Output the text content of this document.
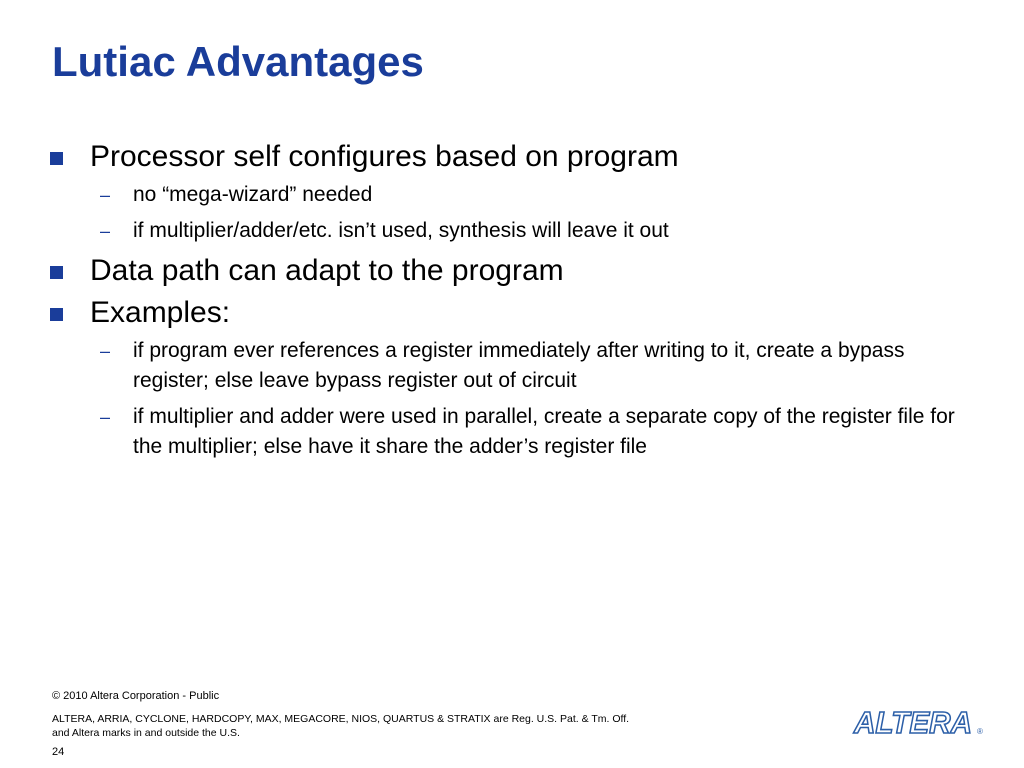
Lutiac Advantages
Processor self configures based on program
– no “mega-wizard” needed
– if multiplier/adder/etc. isn’t used, synthesis will leave it out
Data path can adapt to the program
Examples:
– if program ever references a register immediately after writing to it, create a bypass register; else leave bypass register out of circuit
– if multiplier and adder were used in parallel, create a separate copy of the register file for the multiplier; else have it share the adder’s register file
© 2010 Altera Corporation - Public
ALTERA, ARRIA, CYCLONE, HARDCOPY, MAX, MEGACORE, NIOS, QUARTUS & STRATIX are Reg. U.S. Pat. & Tm. Off.
and Altera marks in and outside the U.S.
24
ALTERA ®
